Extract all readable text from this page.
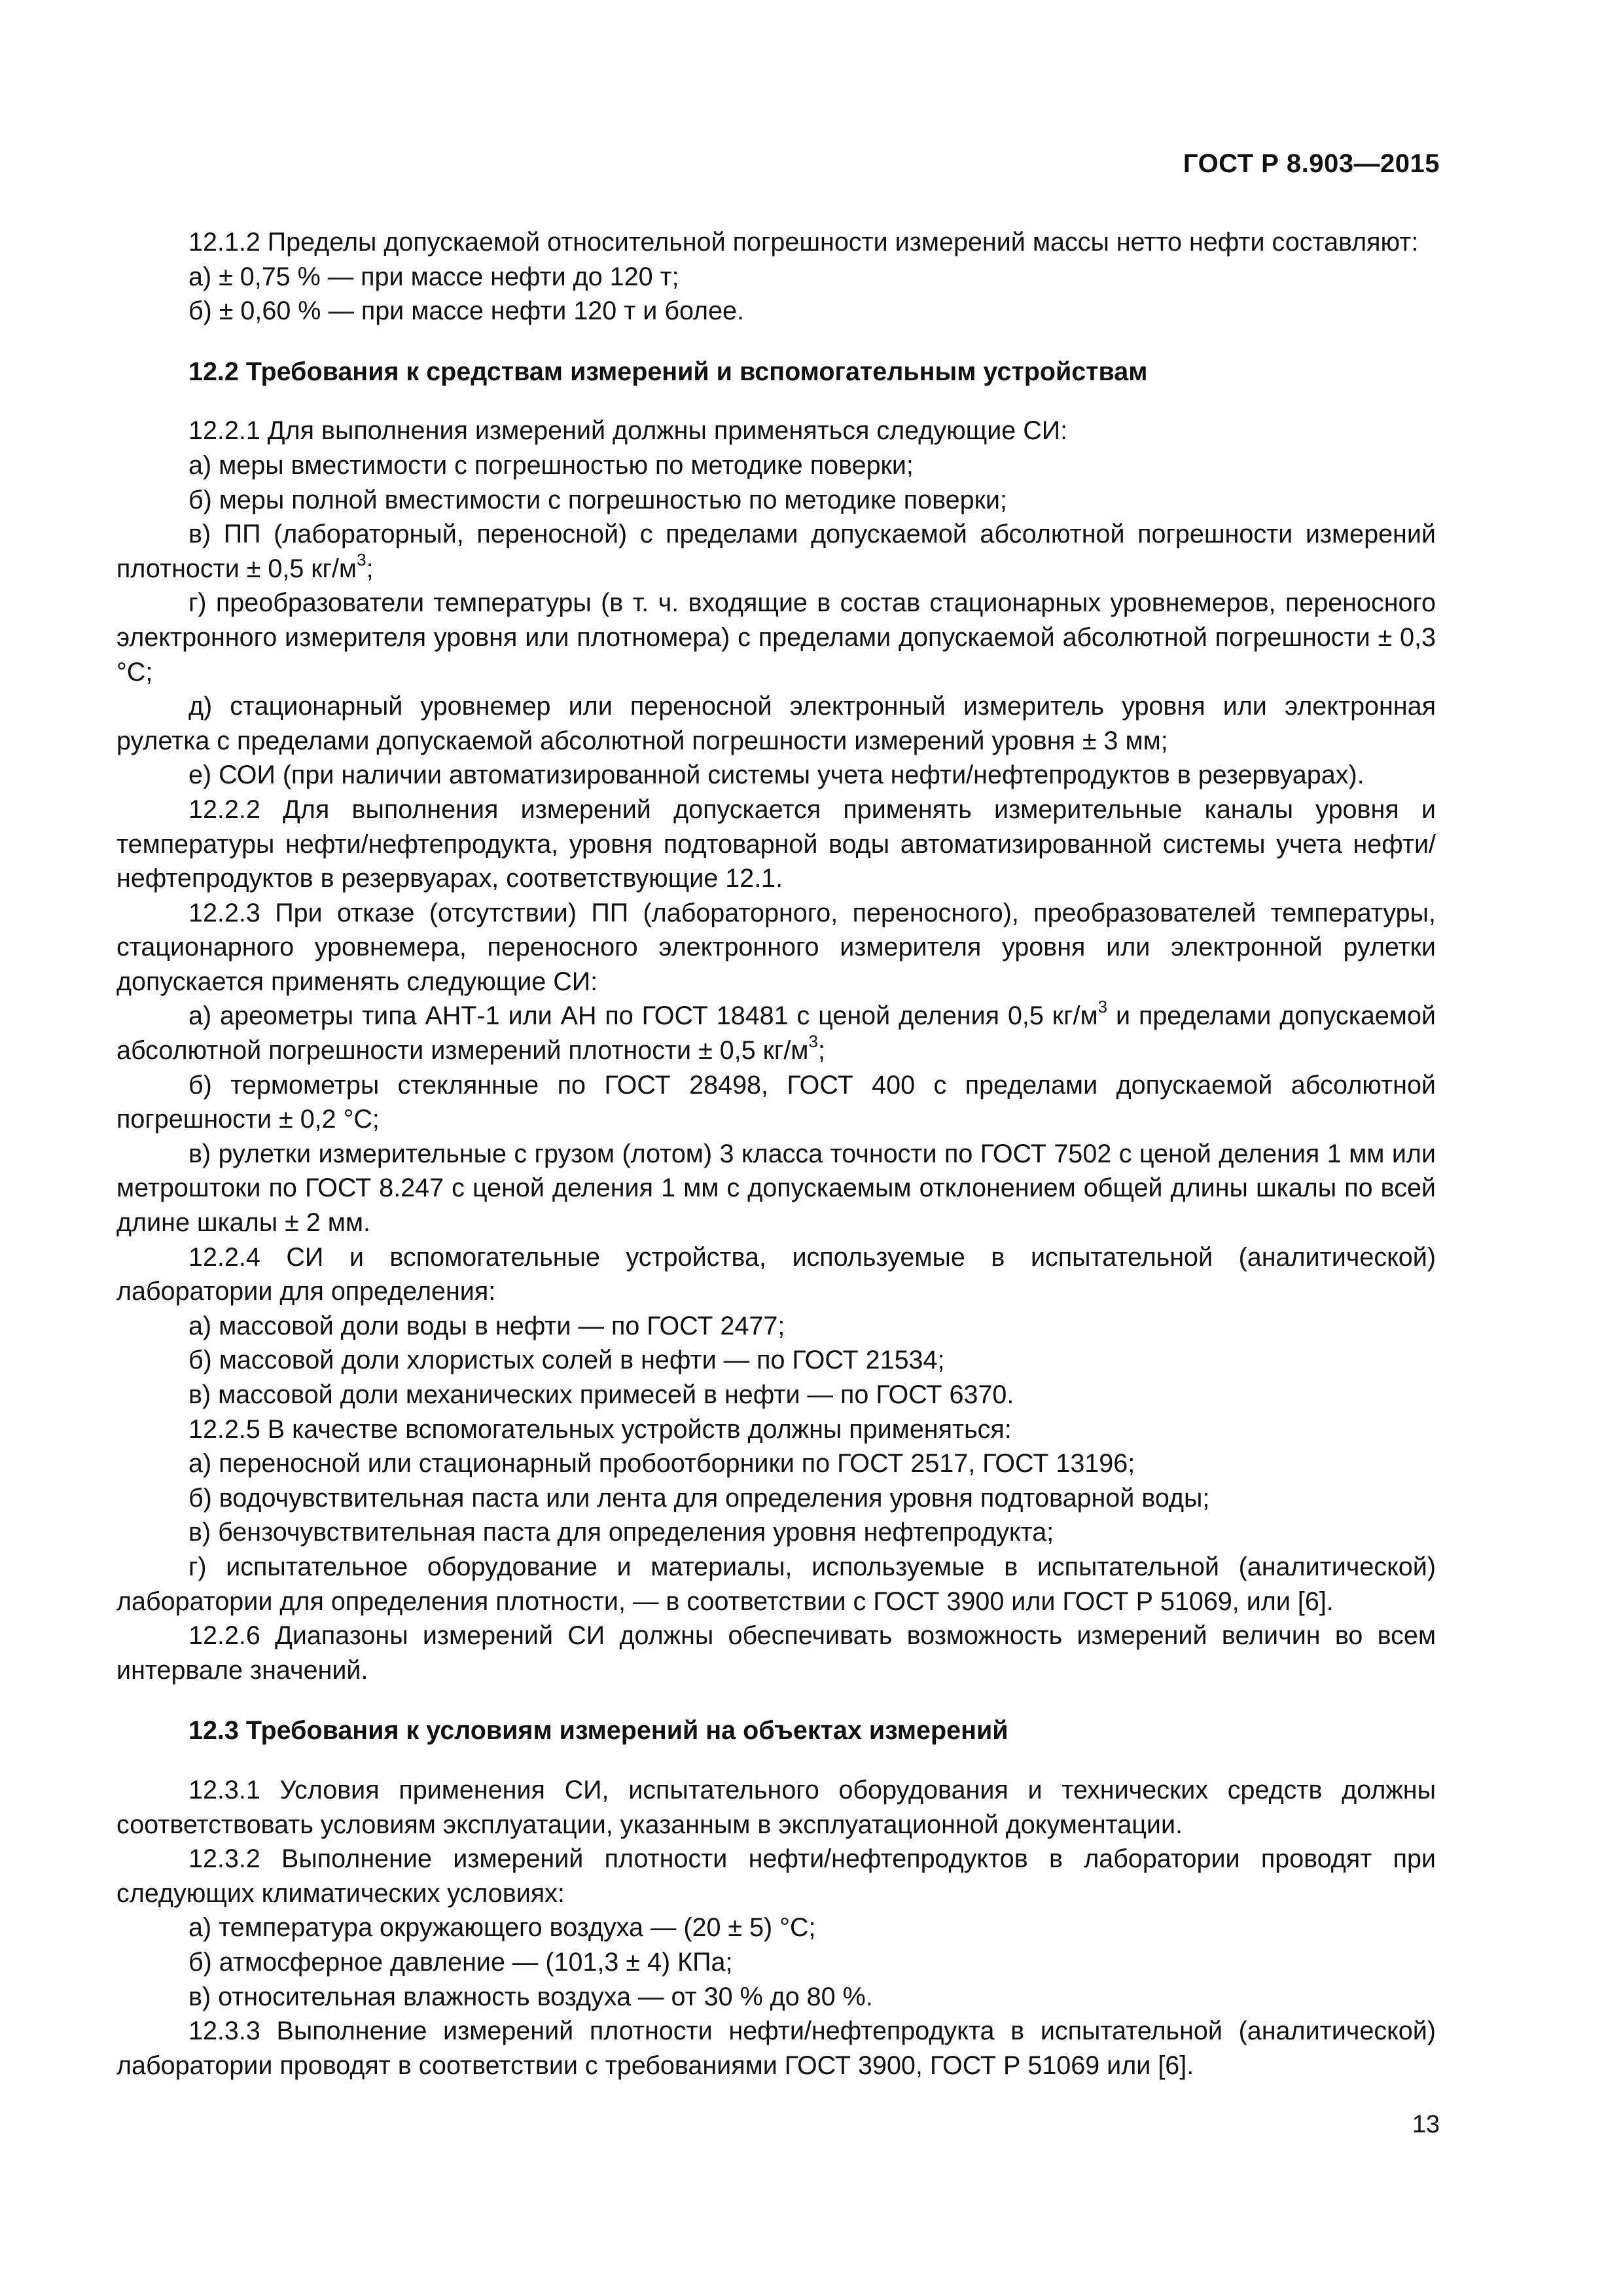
ГОСТ Р 8.903—2015

12.1.2 Пределы допускаемой относительной погрешности измерений массы нетто нефти составляют:

а) ± 0,75 % — при массе нефти до 120 т;

б) ± 0,60 % — при массе нефти 120 т и более.

12.2 Требования к средствам измерений и вспомогательным устройствам

12.2.1 Для выполнения измерений должны применяться следующие СИ:

а) меры вместимости с погрешностью по методике поверки;

б) меры полной вместимости с погрешностью по методике поверки;

в) ПП (лабораторный, переносной) с пределами допускаемой абсолютной погрешности измерений плотности ± 0,5 $кг/м^3$;

г) преобразователи температуры (в т. ч. входящие в состав стационарных уровнемеров, переносного электронного измерителя уровня или плотномера) с пределами допускаемой абсолютной погрешности ± 0,3 °С;

д) стационарный уровнемер или переносной электронный измеритель уровня или электронная рулетка с пределами допускаемой абсолютной погрешности измерений уровня ± 3 мм;

е) СОИ (при наличии автоматизированной системы учета нефти/нефтепродуктов в резервуарах).

12.2.2 Для выполнения измерений допускается применять измерительные каналы уровня и температуры нефти/нефтепродукта, уровня подтоварной воды автоматизированной системы учета нефти/нефтепродуктов в резервуарах, соответствующие 12.1.

12.2.3 При отказе (отсутствии) ПП (лабораторного, переносного), преобразователей температуры, стационарного уровнемера, переносного электронного измерителя уровня или электронной рулетки допускается применять следующие СИ:

а) ареометры типа АНТ-1 или АН по ГОСТ 18481 с ценой деления 0,5 $кг/м^3$ и пределами допускаемой абсолютной погрешности измерений плотности ± 0,5 $кг/м^3$;

б) термометры стеклянные по ГОСТ 28498, ГОСТ 400 с пределами допускаемой абсолютной погрешности ± 0,2 °С;

в) рулетки измерительные с грузом (лотом) 3 класса точности по ГОСТ 7502 с ценой деления 1 мм или метроштоки по ГОСТ 8.247 с ценой деления 1 мм с допускаемым отклонением общей длины шкалы по всей длине шкалы ± 2 мм.

12.2.4 СИ и вспомогательные устройства, используемые в испытательной (аналитической) лаборатории для определения:

а) массовой доли воды в нефти — по ГОСТ 2477;

б) массовой доли хлористых солей в нефти — по ГОСТ 21534;

в) массовой доли механических примесей в нефти — по ГОСТ 6370.

12.2.5 В качестве вспомогательных устройств должны применяться:

а) переносной или стационарный пробоотборники по ГОСТ 2517, ГОСТ 13196;

б) водочувствительная паста или лента для определения уровня подтоварной воды;

в) бензочувствительная паста для определения уровня нефтепродукта;

г) испытательное оборудование и материалы, используемые в испытательной (аналитической) лаборатории для определения плотности, — в соответствии с ГОСТ 3900 или ГОСТ Р 51069, или [6].

12.2.6 Диапазоны измерений СИ должны обеспечивать возможность измерений величин во всем интервале значений.

12.3 Требования к условиям измерений на объектах измерений

12.3.1 Условия применения СИ, испытательного оборудования и технических средств должны соответствовать условиям эксплуатации, указанным в эксплуатационной документации.

12.3.2 Выполнение измерений плотности нефти/нефтепродуктов в лаборатории проводят при следующих климатических условиях:

а) температура окружающего воздуха — (20 ± 5) °С;

б) атмосферное давление — (101,3 ± 4) КПа;

в) относительная влажность воздуха — от 30 % до 80 %.

12.3.3 Выполнение измерений плотности нефти/нефтепродукта в испытательной (аналитической) лаборатории проводят в соответствии с требованиями ГОСТ 3900, ГОСТ Р 51069 или [6].

13
